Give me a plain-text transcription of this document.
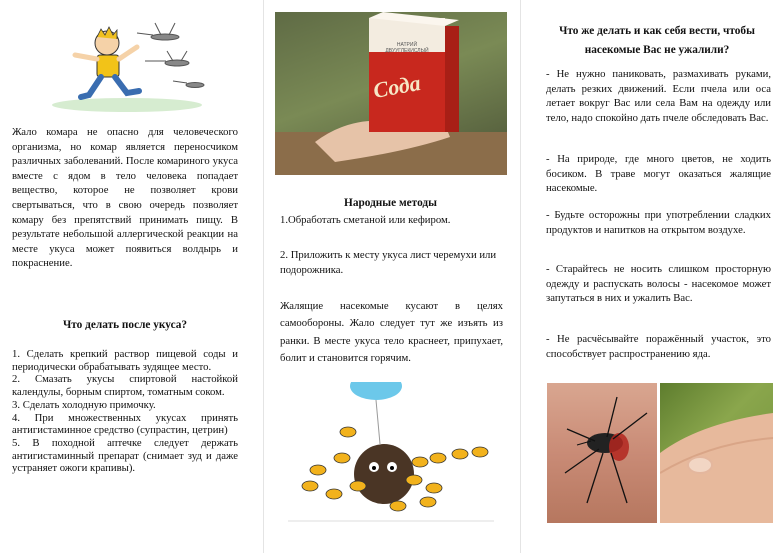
Жало комара не опасно для человеческого организма, но комар является переносчиком различных заболеваний. После комариного укуса вместе с ядом в тело человека попадает вещество, которое не позволяет крови свертываться, что в свою очередь позволяет комару без препятствий принимать пищу. В результате небольшой аллергической реакции на месте укуса может появиться волдырь и покраснение.
Что делать после укуса?

1. Сделать крепкий раствор пищевой соды и периодически обрабатывать зудящее место.

2. Смазать укусы спиртовой настойкой календулы, борным спиртом, томатным соком.

3. Сделать холодную примочку.

4. При множественных укусах принять антигистаминное средство (супрастин, цетрин)

5. В походной аптечке следует держать антигистаминный препарат (снимает зуд и даже устраняет ожоги крапивы).

НАТРИЙ ДВУУГЛЕКИСЛЫЙ
Сода
Народные методы
1.Обработать сметаной или кефиром.
2. Приложить к месту укуса лист черемухи или подорожника.
Жалящие насекомые кусают в целях самообороны. Жало следует тут же изъять из ранки. В месте укуса тело краснеет, припухает, болит и становится горячим.
Что же делать и как себя вести, чтобы насекомые Вас не ужалили?
- Не нужно паниковать, размахивать руками, делать резких движений. Если пчела или оса летает вокруг Вас или села Вам на одежду или тело, надо спокойно дать пчеле обследовать Вас.
- На природе, где много цветов, не ходить босиком. В траве могут оказаться жалящие насекомые.
- Будьте осторожны при употреблении сладких продуктов и напитков на открытом воздухе.
- Старайтесь не носить слишком просторную одежду и распускать волосы - насекомое может запутаться в них и ужалить Вас.
- Не расчёсывайте поражённый участок, это способствует распространению яда.
